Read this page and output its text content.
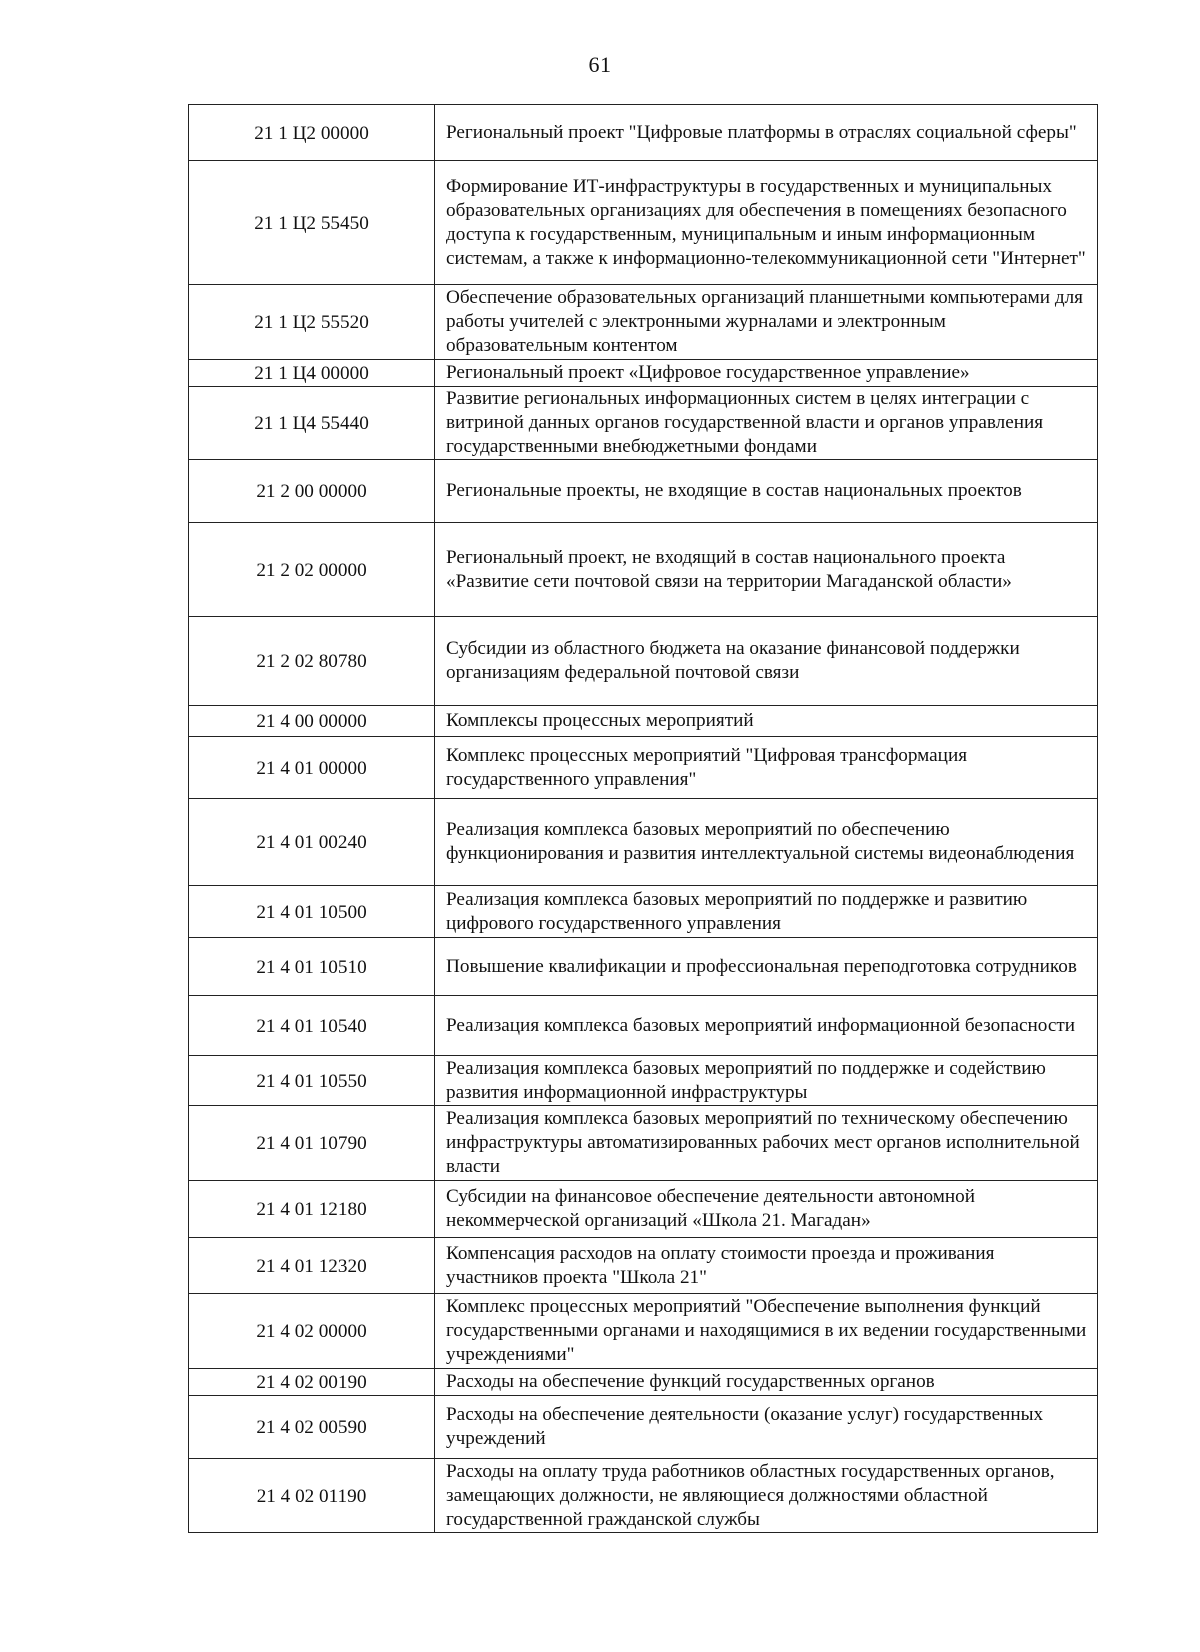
61
21 1 Ц2 00000	Региональный проект "Цифровые платформы в отраслях социальной сферы"
21 1 Ц2 55450	Формирование ИТ-инфраструктуры в государственных и муниципальных образовательных организациях для обеспечения в помещениях безопасного доступа к государственным, муниципальным и иным информационным системам, а также к информационно-телекоммуникационной сети "Интернет"
21 1 Ц2 55520	Обеспечение образовательных организаций планшетными компьютерами для работы учителей с электронными журналами и электронным образовательным контентом
21 1 Ц4 00000	Региональный проект «Цифровое государственное управление»
21 1 Ц4 55440	Развитие региональных информационных систем в целях интеграции с витриной данных органов государственной власти и органов управления государственными внебюджетными фондами
21 2 00 00000	Региональные проекты, не входящие в состав национальных проектов
21 2 02 00000	Региональный проект, не входящий в состав национального проекта «Развитие сети почтовой связи на территории Магаданской области»
21 2 02 80780	Субсидии из областного бюджета на оказание финансовой поддержки организациям федеральной почтовой связи
21 4 00 00000	Комплексы процессных мероприятий
21 4 01 00000	Комплекс процессных мероприятий "Цифровая трансформация государственного управления"
21 4 01 00240	Реализация комплекса базовых мероприятий по обеспечению функционирования и развития интеллектуальной системы видеонаблюдения
21 4 01 10500	Реализация комплекса базовых мероприятий по поддержке и развитию цифрового государственного управления
21 4 01 10510	Повышение квалификации и профессиональная переподготовка сотрудников
21 4 01 10540	Реализация комплекса базовых мероприятий информационной безопасности
21 4 01 10550	Реализация комплекса базовых мероприятий по поддержке и содействию развития информационной инфраструктуры
21 4 01 10790	Реализация комплекса базовых мероприятий по техническому обеспечению инфраструктуры автоматизированных рабочих мест органов исполнительной власти
21 4 01 12180	Субсидии на финансовое обеспечение деятельности автономной некоммерческой организаций «Школа 21. Магадан»
21 4 01 12320	Компенсация расходов на оплату стоимости проезда и проживания участников проекта "Школа 21"
21 4 02 00000	Комплекс процессных мероприятий "Обеспечение выполнения функций государственными органами и находящимися в их ведении государственными учреждениями"
21 4 02 00190	Расходы на обеспечение функций государственных органов
21 4 02 00590	Расходы на обеспечение деятельности (оказание услуг) государственных учреждений
21 4 02 01190	Расходы на оплату труда работников областных государственных органов, замещающих должности, не являющиеся должностями областной государственной гражданской службы
